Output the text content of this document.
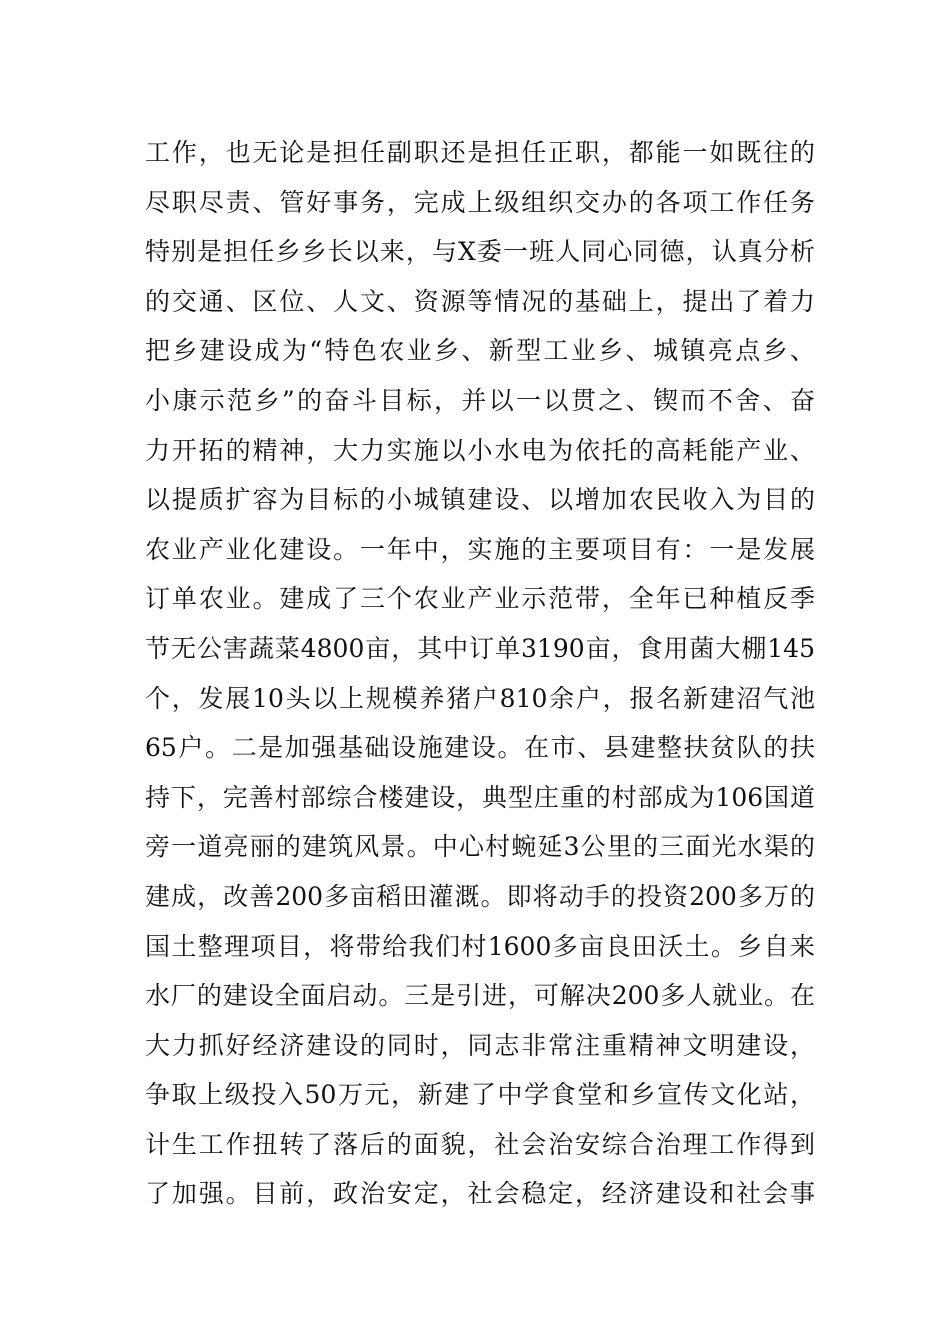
工作，也无论是担任副职还是担任正职，都能一如既往的
尽职尽责、管好事务，完成上级组织交办的各项工作任务
特别是担任乡乡长以来，与X委一班人同心同德，认真分析
的交通、区位、人文、资源等情况的基础上，提出了着力
把乡建设成为“特色农业乡、新型工业乡、城镇亮点乡、
小康示范乡”的奋斗目标，并以一以贯之、锲而不舍、奋
力开拓的精神，大力实施以小水电为依托的高耗能产业、
以提质扩容为目标的小城镇建设、以增加农民收入为目的
农业产业化建设。一年中，实施的主要项目有：一是发展
订单农业。建成了三个农业产业示范带，全年已种植反季
节无公害蔬菜4800亩，其中订单3190亩，食用菌大棚145
个，发展10头以上规模养猪户810余户，报名新建沼气池
65户。二是加强基础设施建设。在市、县建整扶贫队的扶
持下，完善村部综合楼建设，典型庄重的村部成为106国道
旁一道亮丽的建筑风景。中心村蜿延3公里的三面光水渠的
建成，改善200多亩稻田灌溉。即将动手的投资200多万的
国土整理项目，将带给我们村1600多亩良田沃土。乡自来
水厂的建设全面启动。三是引进，可解决200多人就业。在
大力抓好经济建设的同时，同志非常注重精神文明建设，
争取上级投入50万元，新建了中学食堂和乡宣传文化站，
计生工作扭转了落后的面貌，社会治安综合治理工作得到
了加强。目前，政治安定，社会稳定，经济建设和社会事
